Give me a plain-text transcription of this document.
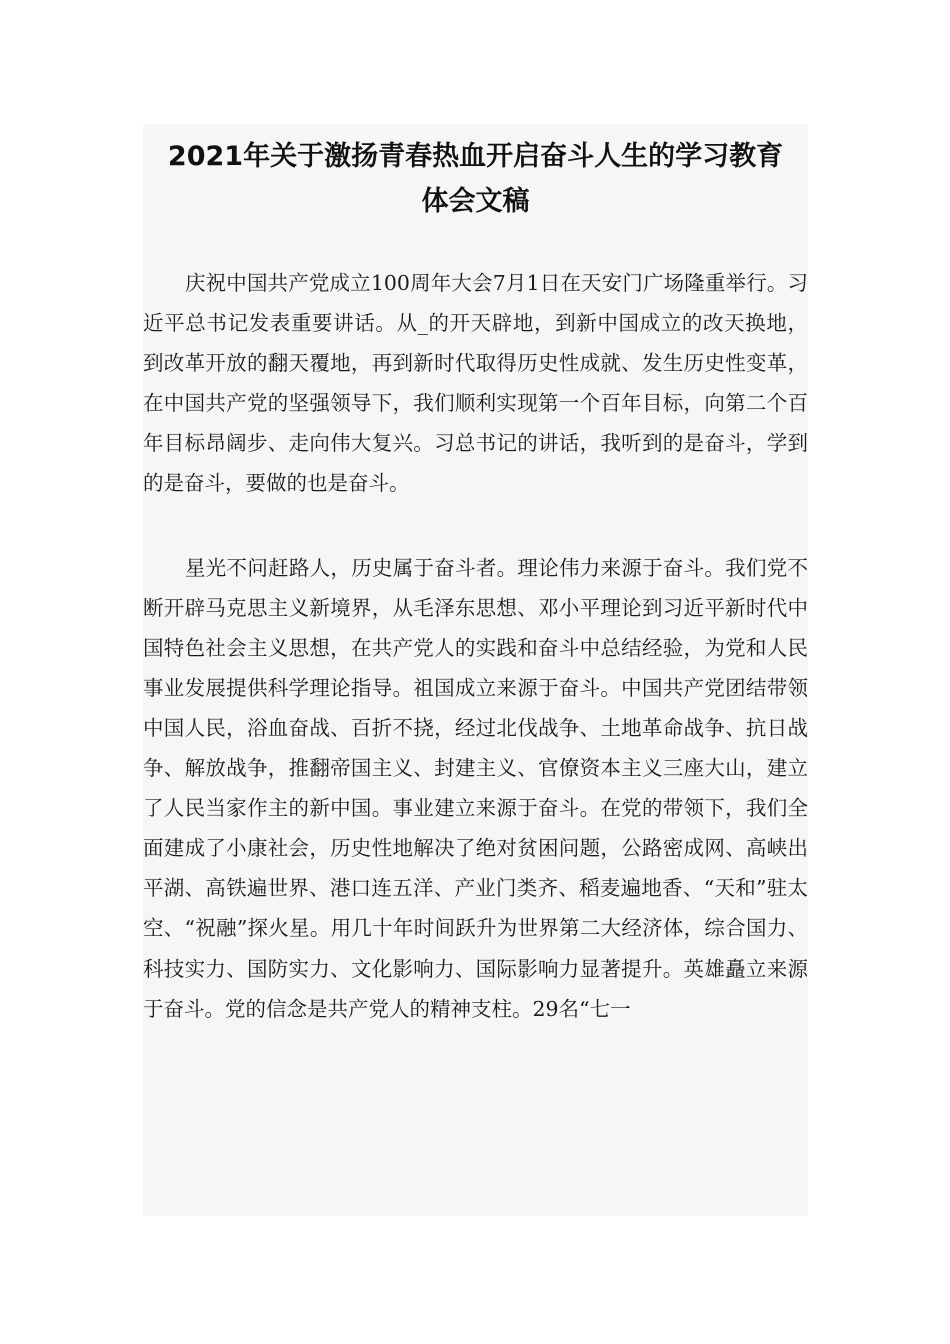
2021年关于激扬青春热血开启奋斗人生的学习教育
体会文稿

庆祝中国共产党成立100周年大会7月1日在天安门广场隆重举行。习近平总书记发表重要讲话。从_的开天辟地，到新中国成立的改天换地，到改革开放的翻天覆地，再到新时代取得历史性成就、发生历史性变革，在中国共产党的坚强领导下，我们顺利实现第一个百年目标，向第二个百年目标昂阔步、走向伟大复兴。习总书记的讲话，我听到的是奋斗，学到的是奋斗，要做的也是奋斗。

星光不问赶路人，历史属于奋斗者。理论伟力来源于奋斗。我们党不断开辟马克思主义新境界，从毛泽东思想、邓小平理论到习近平新时代中国特色社会主义思想，在共产党人的实践和奋斗中总结经验，为党和人民事业发展提供科学理论指导。祖国成立来源于奋斗。中国共产党团结带领中国人民，浴血奋战、百折不挠，经过北伐战争、土地革命战争、抗日战争、解放战争，推翻帝国主义、封建主义、官僚资本主义三座大山，建立了人民当家作主的新中国。事业建立来源于奋斗。在党的带领下，我们全面建成了小康社会，历史性地解决了绝对贫困问题，公路密成网、高峡出平湖、高铁遍世界、港口连五洋、产业门类齐、稻麦遍地香、“天和”驻太空、“祝融”探火星。用几十年时间跃升为世界第二大经济体，综合国力、科技实力、国防实力、文化影响力、国际影响力显著提升。英雄矗立来源于奋斗。党的信念是共产党人的精神支柱。29名“七一
